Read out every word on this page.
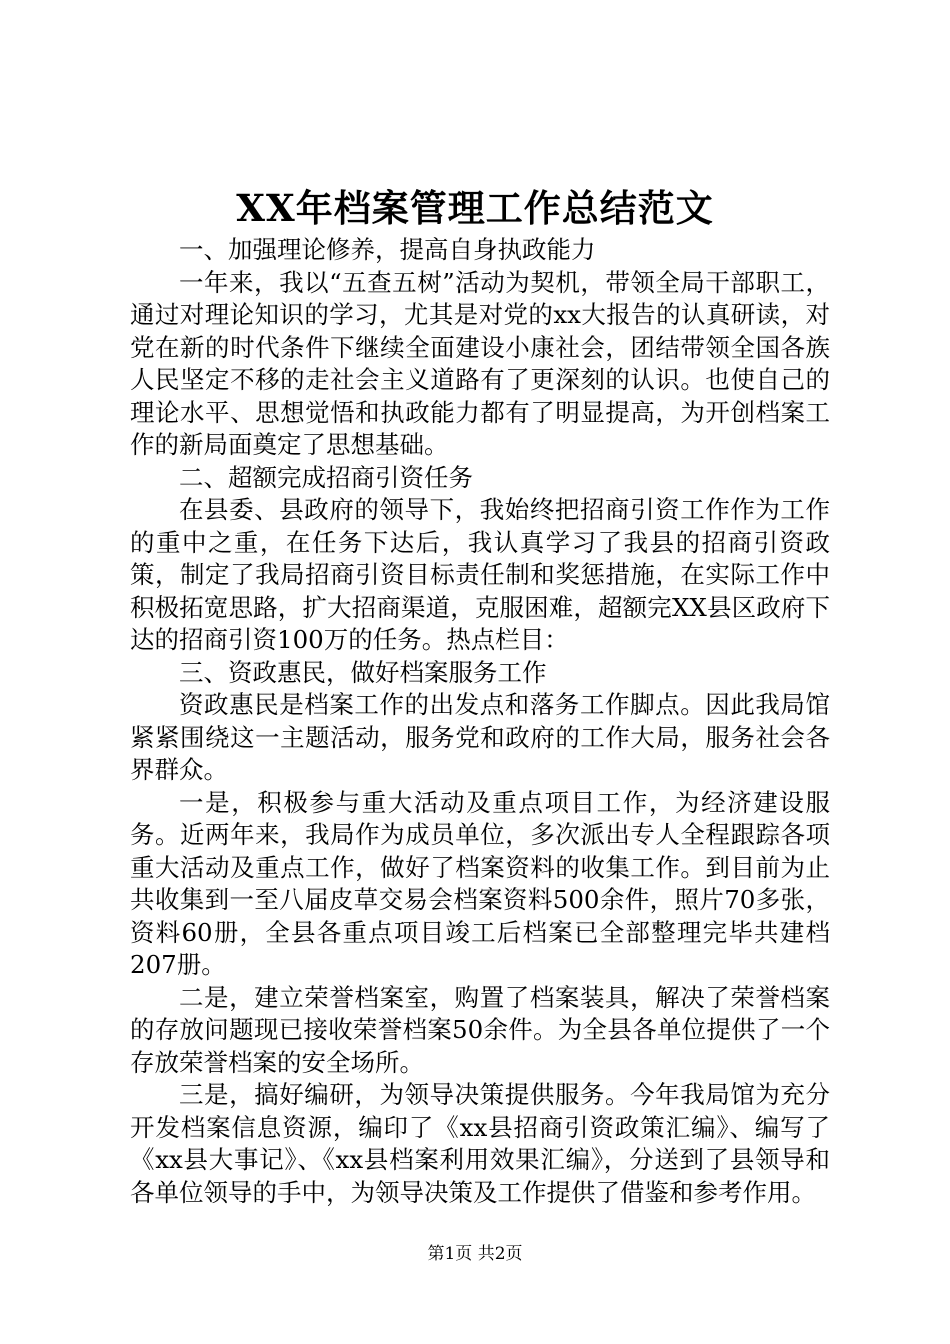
XX年档案管理工作总结范文

一、加强理论修养，提高自身执政能力

一年来，我以“五查五树”活动为契机，带领全局干部职工，通过对理论知识的学习，尤其是对党的xx大报告的认真研读，对党在新的时代条件下继续全面建设小康社会，团结带领全国各族人民坚定不移的走社会主义道路有了更深刻的认识。也使自己的理论水平、思想觉悟和执政能力都有了明显提高，为开创档案工作的新局面奠定了思想基础。

二、超额完成招商引资任务

在县委、县政府的领导下，我始终把招商引资工作作为工作的重中之重，在任务下达后，我认真学习了我县的招商引资政策，制定了我局招商引资目标责任制和奖惩措施，在实际工作中积极拓宽思路，扩大招商渠道，克服困难，超额完XX县区政府下达的招商引资100万的任务。热点栏目：

三、资政惠民，做好档案服务工作

资政惠民是档案工作的出发点和落务工作脚点。因此我局馆紧紧围绕这一主题活动，服务党和政府的工作大局，服务社会各界群众。

一是，积极参与重大活动及重点项目工作，为经济建设服务。近两年来，我局作为成员单位，多次派出专人全程跟踪各项重大活动及重点工作，做好了档案资料的收集工作。到目前为止共收集到一至八届皮草交易会档案资料500余件，照片70多张，资料60册，全县各重点项目竣工后档案已全部整理完毕共建档207册。

二是，建立荣誉档案室，购置了档案装具，解决了荣誉档案的存放问题现已接收荣誉档案50余件。为全县各单位提供了一个存放荣誉档案的安全场所。

三是，搞好编研，为领导决策提供服务。今年我局馆为充分开发档案信息资源，编印了《xx县招商引资政策汇编》、编写了《xx县大事记》、《xx县档案利用效果汇编》，分送到了县领导和各单位领导的手中，为领导决策及工作提供了借鉴和参考作用。

第1页 共2页
